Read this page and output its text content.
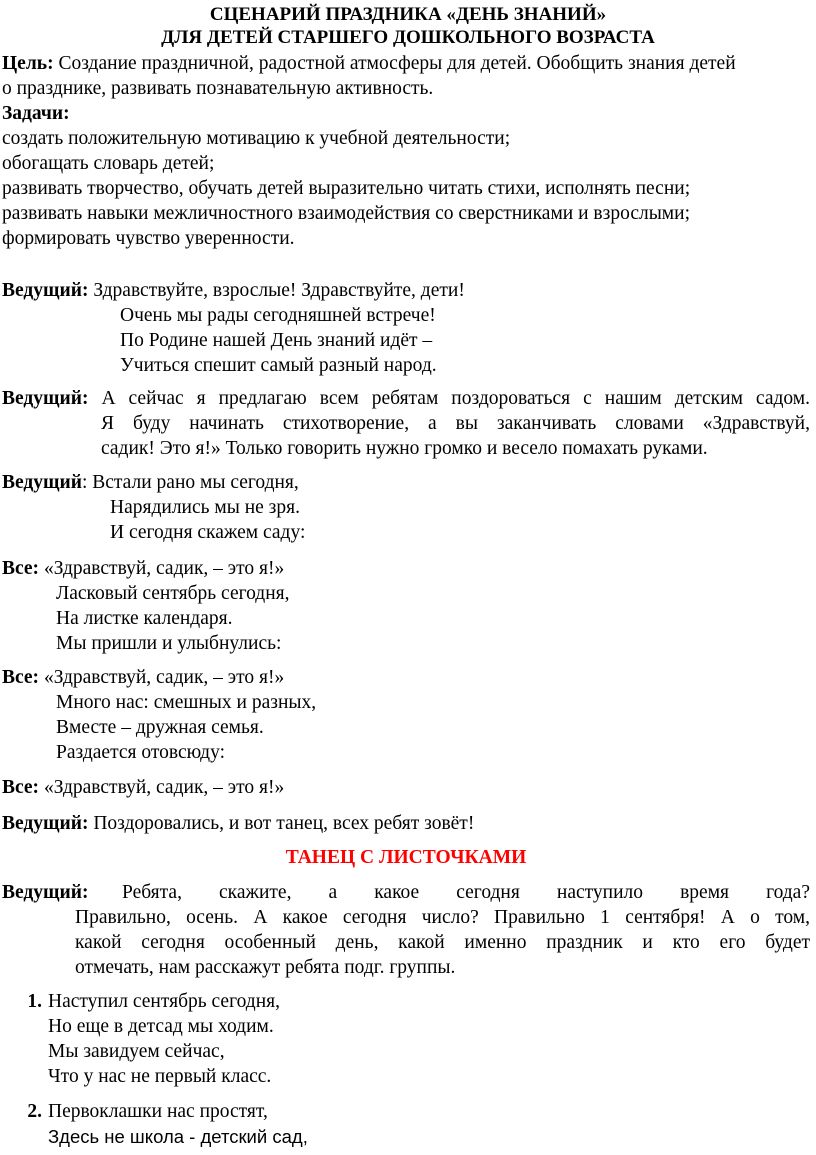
СЦЕНАРИЙ ПРАЗДНИКА «ДЕНЬ ЗНАНИЙ»

ДЛЯ ДЕТЕЙ СТАРШЕГО ДОШКОЛЬНОГО ВОЗРАСТА

Цель: Создание праздничной, радостной атмосферы для детей. Обобщить знания детей

о празднике, развивать познавательную активность.

Задачи:

создать положительную мотивацию к учебной деятельности;

обогащать словарь детей;

развивать творчество, обучать детей выразительно читать стихи, исполнять песни;

развивать навыки межличностного взаимодействия со сверстниками и взрослыми;

формировать чувство уверенности.

Ведущий: Здравствуйте, взрослые! Здравствуйте, дети!

Очень мы рады сегодняшней встрече!

По Родине нашей День знаний идёт –

Учиться спешит самый разный народ.

Ведущий: А сейчас я предлагаю всем ребятам поздороваться с нашим детским садом.

Я буду начинать стихотворение, а вы заканчивать словами «Здравствуй,

садик! Это я!» Только говорить нужно громко и весело помахать руками.

Ведущий: Встали рано мы сегодня,

Нарядились мы не зря.

И сегодня скажем саду:

Все: «Здравствуй, садик, – это я!»

Ласковый сентябрь сегодня,

На листке календаря.

Мы пришли и улыбнулись:

Все: «Здравствуй, садик, – это я!»

Много нас: смешных и разных,

Вместе – дружная семья.

Раздается отовсюду:

Все: «Здравствуй, садик, – это я!»

Ведущий: Поздоровались, и вот танец, всех ребят зовёт!

ТАНЕЦ С ЛИСТОЧКАМИ

Ведущий: Ребята, скажите, а какое сегодня наступило время года?

Правильно, осень. А какое сегодня число? Правильно 1 сентября! А о том,

какой сегодня особенный день, какой именно праздник и кто его будет

отмечать, нам расскажут ребята подг. группы.

1. Наступил сентябрь сегодня,

Но еще в детсад мы ходим.

Мы завидуем сейчас,

Что у нас не первый класс.

2. Первоклашки нас простят,

Здесь не школа - детский сад,
